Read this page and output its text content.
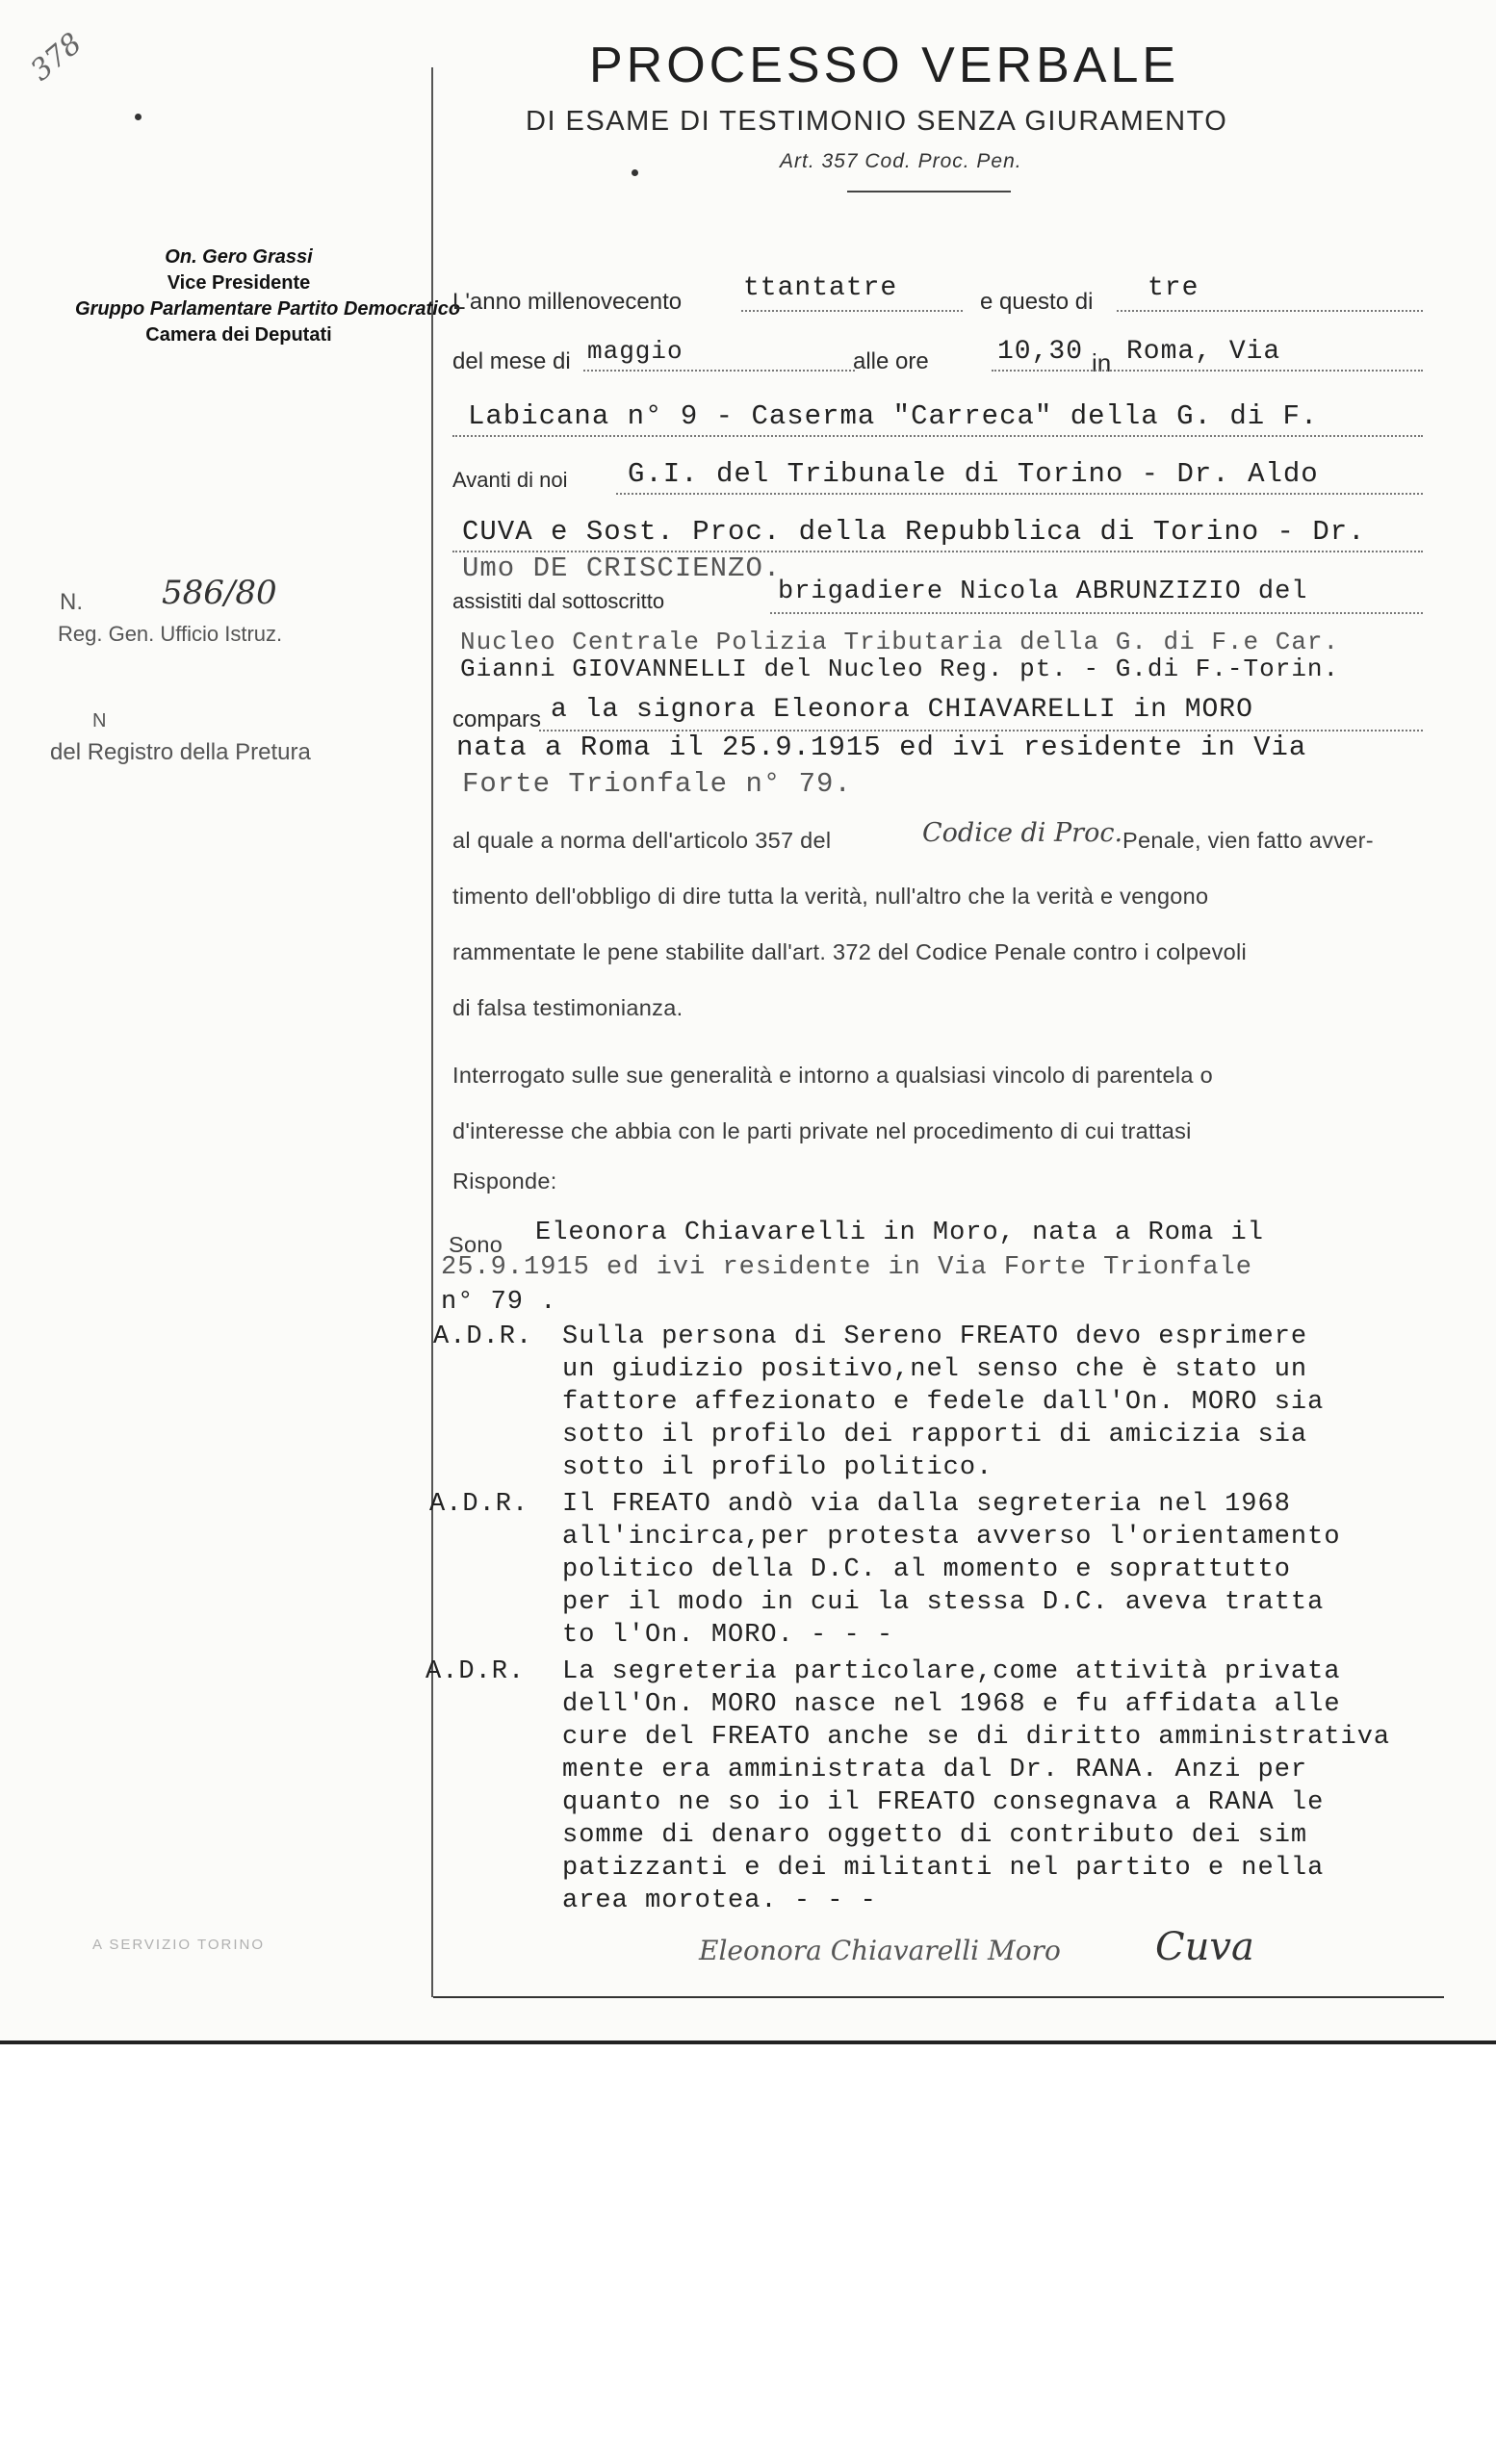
378	PROCESSO VERBALE
DI ESAME DI TESTIMONIO SENZA GIURAMENTO
Art. 357 Cod. Proc. Pen.
On. Gero Grassi
Vice Presidente
Gruppo Parlamentare Partito Democratico
Camera dei Deputati
N. 586/80
Reg. Gen. Ufficio Istruz.
N
del Registro della Pretura
A SERVIZIO TORINO
L'anno millenovecento ttantatre	e questo di tre
del mese di maggio	alle ore	10,30 in Roma, Via
Labicana n° 9 - Caserma "Carreca" della G. di F.
Avanti di noi G.I. del Tribunale di Torino - Dr. Aldo
CUVA e Sost. Proc. della Repubblica di Torino - Dr.
Umo DE CRISCIENZO.
assistiti dal sottoscritto	brigadiere Nicola ABRUNZIZIO del
Nucleo Centrale Polizia Tributaria della G. di F.e Car.
Gianni GIOVANNELLI del Nucleo Reg. pt. - G.di F.-Torin.
compars a la signora Eleonora CHIAVARELLI in MORO
nata a Roma il 25.9.1915 ed ivi residente in Via
Forte Trionfale n° 79.
al quale a norma dell'articolo 357 del	Codice di Proc. Penale, vien fatto avver-
timento dell'obbligo di dire tutta la verità, null'altro che la verità e vengono
rammentate le pene stabilite dall'art. 372 del Codice Penale contro i colpevoli
di falsa testimonianza.
Interrogato sulle sue generalità e intorno a qualsiasi vincolo di parentela o
d'interesse che abbia con le parti private nel procedimento di cui trattasi
Risponde:
Sono Eleonora Chiavarelli in Moro, nata a Roma il
25.9.1915 ed ivi residente in Via Forte Trionfale
n° 79 .
A.D.R. Sulla persona di Sereno FREATO devo esprimere
un giudizio positivo,nel senso che è stato un
fattore affezionato e fedele dall'On. MORO sia
sotto il profilo dei rapporti di amicizia sia
sotto il profilo politico.
A.D.R. Il FREATO andò via dalla segreteria nel 1968
all'incirca,per protesta avverso l'orientamento
politico della D.C. al momento e soprattutto
per il modo in cui la stessa D.C. aveva tratta
to l'On. MORO. - - -
A.D.R. La segreteria particolare,come attività privata
dell'On. MORO nasce nel 1968 e fu affidata alle
cure del FREATO anche se di diritto amministrativa
mente era amministrata dal Dr. RANA. Anzi per
quanto ne so io il FREATO consegnava a RANA le
somme di denaro oggetto di contributo dei sim
patizzanti e dei militanti nel partito e nella
area morotea. - - -
Eleonora Chiavarelli Moro Cuva
